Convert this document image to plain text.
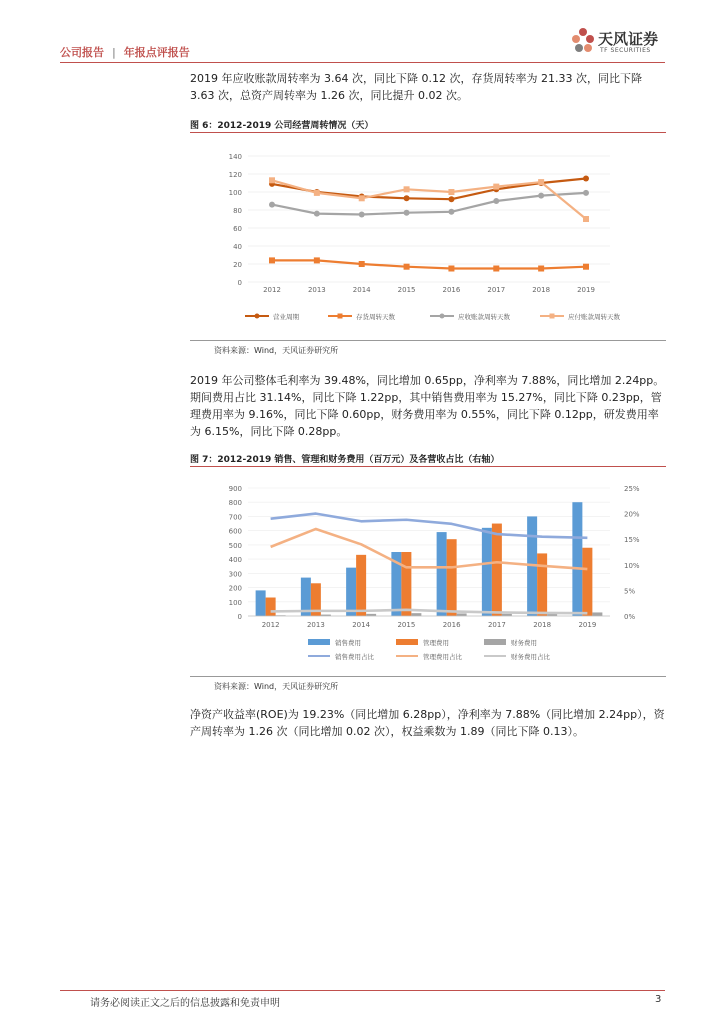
公司报告 | 年报点评报告
天风证券
TF SECURITIES
2019 年应收账款周转率为 3.64 次，同比下降 0.12 次，存货周转率为 21.33 次，同比下降 3.63 次，总资产周转率为 1.26 次，同比提升 0.02 次。
图 6：2012-2019 公司经营周转情况（天）
0
20
40
60
80
100
120
140
2012	2013	2014	2015	2016	2017	2018	2019
营业周期	存货周转天数	应收账款周转天数	应付账款周转天数
资料来源：Wind，天风证券研究所
2019 年公司整体毛利率为 39.48%，同比增加 0.65pp，净利率为 7.88%，同比增加 2.24pp。期间费用占比 31.14%，同比下降 1.22pp，其中销售费用率为 15.27%，同比下降 0.23pp，管理费用率为 9.16%，同比下降 0.60pp，财务费用率为 0.55%，同比下降 0.12pp，研发费用率为 6.15%，同比下降 0.28pp。
图 7：2012-2019 销售、管理和财务费用（百万元）及各营收占比（右轴）
0
100
200
300
400
500
600
700
800
900
0%
5%
10%
15%
20%
25%
2012	2013	2014	2015	2016	2017	2018	2019
销售费用	管理费用	财务费用
销售费用占比	管理费用占比	财务费用占比
资料来源：Wind，天风证券研究所
净资产收益率(ROE)为 19.23%（同比增加 6.28pp），净利率为 7.88%（同比增加 2.24pp），资产周转率为 1.26 次（同比增加 0.02 次），权益乘数为 1.89（同比下降 0.13）。
请务必阅读正文之后的信息披露和免责申明	3
